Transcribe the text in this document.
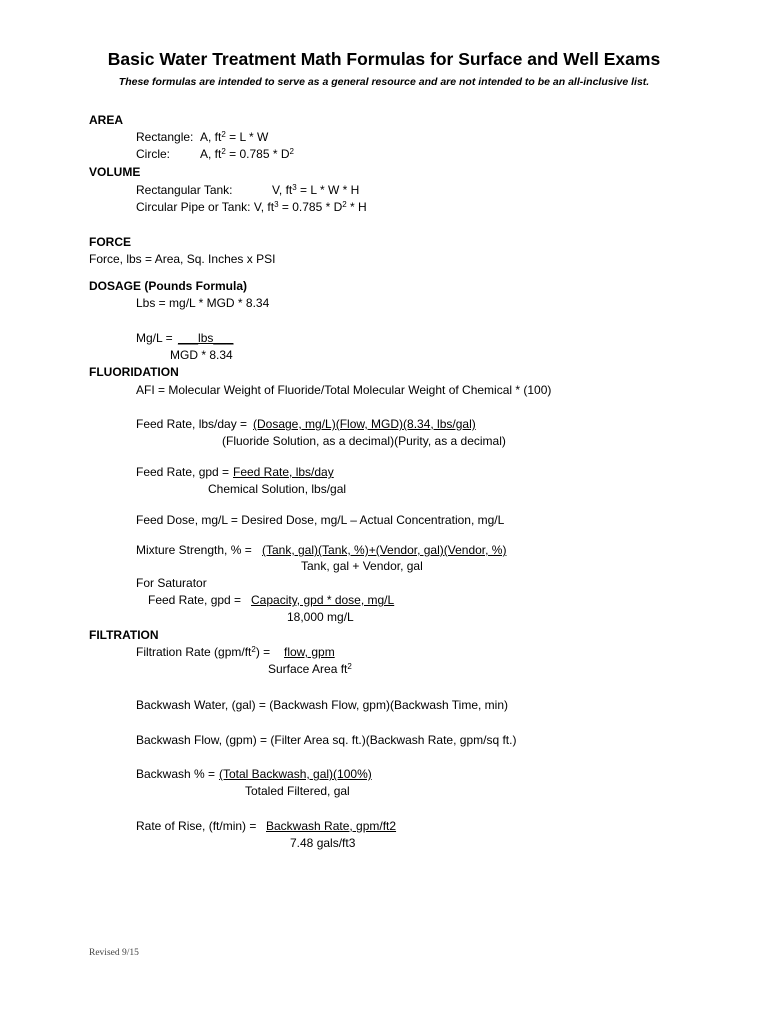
Basic Water Treatment Math Formulas for Surface and Well Exams
These formulas are intended to serve as a general resource and are not intended to be an all-inclusive list.
AREA
Rectangle: A, $ft^2 = L * W$
Circle: A, $ft^2 = 0.785 * D^2$
VOLUME
Rectangular Tank:	V, $ft^3 = L * W * H$
Circular Pipe or Tank: V, $ft^3 = 0.785 * D^2 * H$
FORCE
Force, lbs = Area, Sq. Inches x PSI
DOSAGE (Pounds Formula)
Lbs = mg/L * MGD * 8.34
Mg/L = ___lbs___
MGD * 8.34
FLUORIDATION
AFI = Molecular Weight of Fluoride/Total Molecular Weight of Chemical * (100)
Feed Rate, lbs/day = (Dosage, mg/L)(Flow, MGD)(8.34, lbs/gal)
(Fluoride Solution, as a decimal)(Purity, as a decimal)
Feed Rate, gpd = Feed Rate, lbs/day
Chemical Solution, lbs/gal
Feed Dose, mg/L = Desired Dose, mg/L – Actual Concentration, mg/L
Mixture Strength, % = (Tank, gal)(Tank, %)+(Vendor, gal)(Vendor, %)
Tank, gal + Vendor, gal
For Saturator
Feed Rate, gpd = Capacity, gpd * dose, mg/L
18,000 mg/L
FILTRATION
Filtration Rate $(gpm/ft^2)$ = flow, gpm
Surface Area $ft^2$
Backwash Water, (gal) = (Backwash Flow, gpm)(Backwash Time, min)
Backwash Flow, (gpm) = (Filter Area sq. ft.)(Backwash Rate, gpm/sq ft.)
Backwash % = (Total Backwash, gal)(100%)
Totaled Filtered, gal
Rate of Rise, (ft/min) = Backwash Rate, gpm/ft2
7.48 gals/ft3
Revised 9/15
